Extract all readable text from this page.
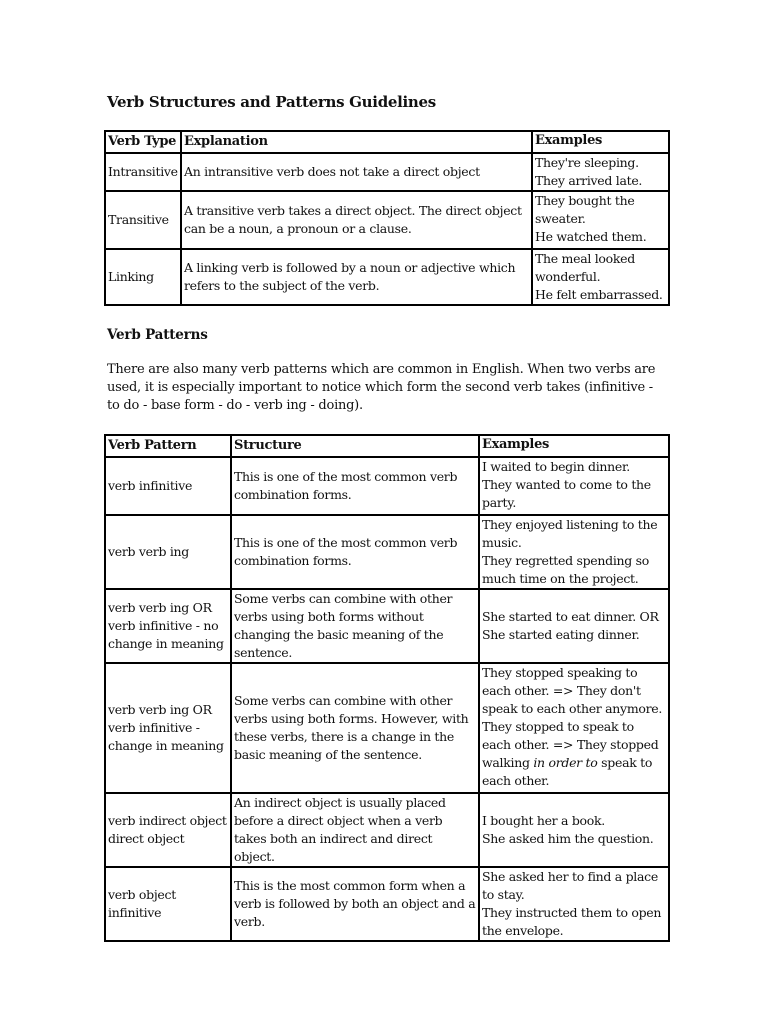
Verb Structures and Patterns Guidelines
Verb Type	Explanation	Examples
Intransitive	An intransitive verb does not take a direct object	They're sleeping.
They arrived late.

Transitive	A transitive verb takes a direct object. The direct object can be a noun, a pronoun or a clause.	They bought the sweater.
He watched them.

Linking	A linking verb is followed by a noun or adjective which refers to the subject of the verb.	The meal looked wonderful.
He felt embarrassed.
Verb Patterns
There are also many verb patterns which are common in English. When two verbs are used, it is especially important to notice which form the second verb takes (infinitive - to do - base form - do - verb ing - doing).
Verb Pattern	Structure	Examples
verb infinitive	This is one of the most common verb combination forms.	I waited to begin dinner.
They wanted to come to the party.

verb verb ing	This is one of the most common verb combination forms.	They enjoyed listening to the music.
They regretted spending so much time on the project.

verb verb ing OR verb infinitive - no change in meaning	Some verbs can combine with other verbs using both forms without changing the basic meaning of the sentence.	She started to eat dinner. OR
She started eating dinner.

verb verb ing OR verb infinitive - change in meaning	Some verbs can combine with other verbs using both forms. However, with these verbs, there is a change in the basic meaning of the sentence.	They stopped speaking to each other. => They don't speak to each other anymore.
They stopped to speak to each other. => They stopped walking in order to speak to each other.

verb indirect object direct object	An indirect object is usually placed before a direct object when a verb takes both an indirect and direct object.	I bought her a book.
She asked him the question.

verb object infinitive	This is the most common form when a verb is followed by both an object and a verb.	She asked her to find a place to stay.
They instructed them to open the envelope.
